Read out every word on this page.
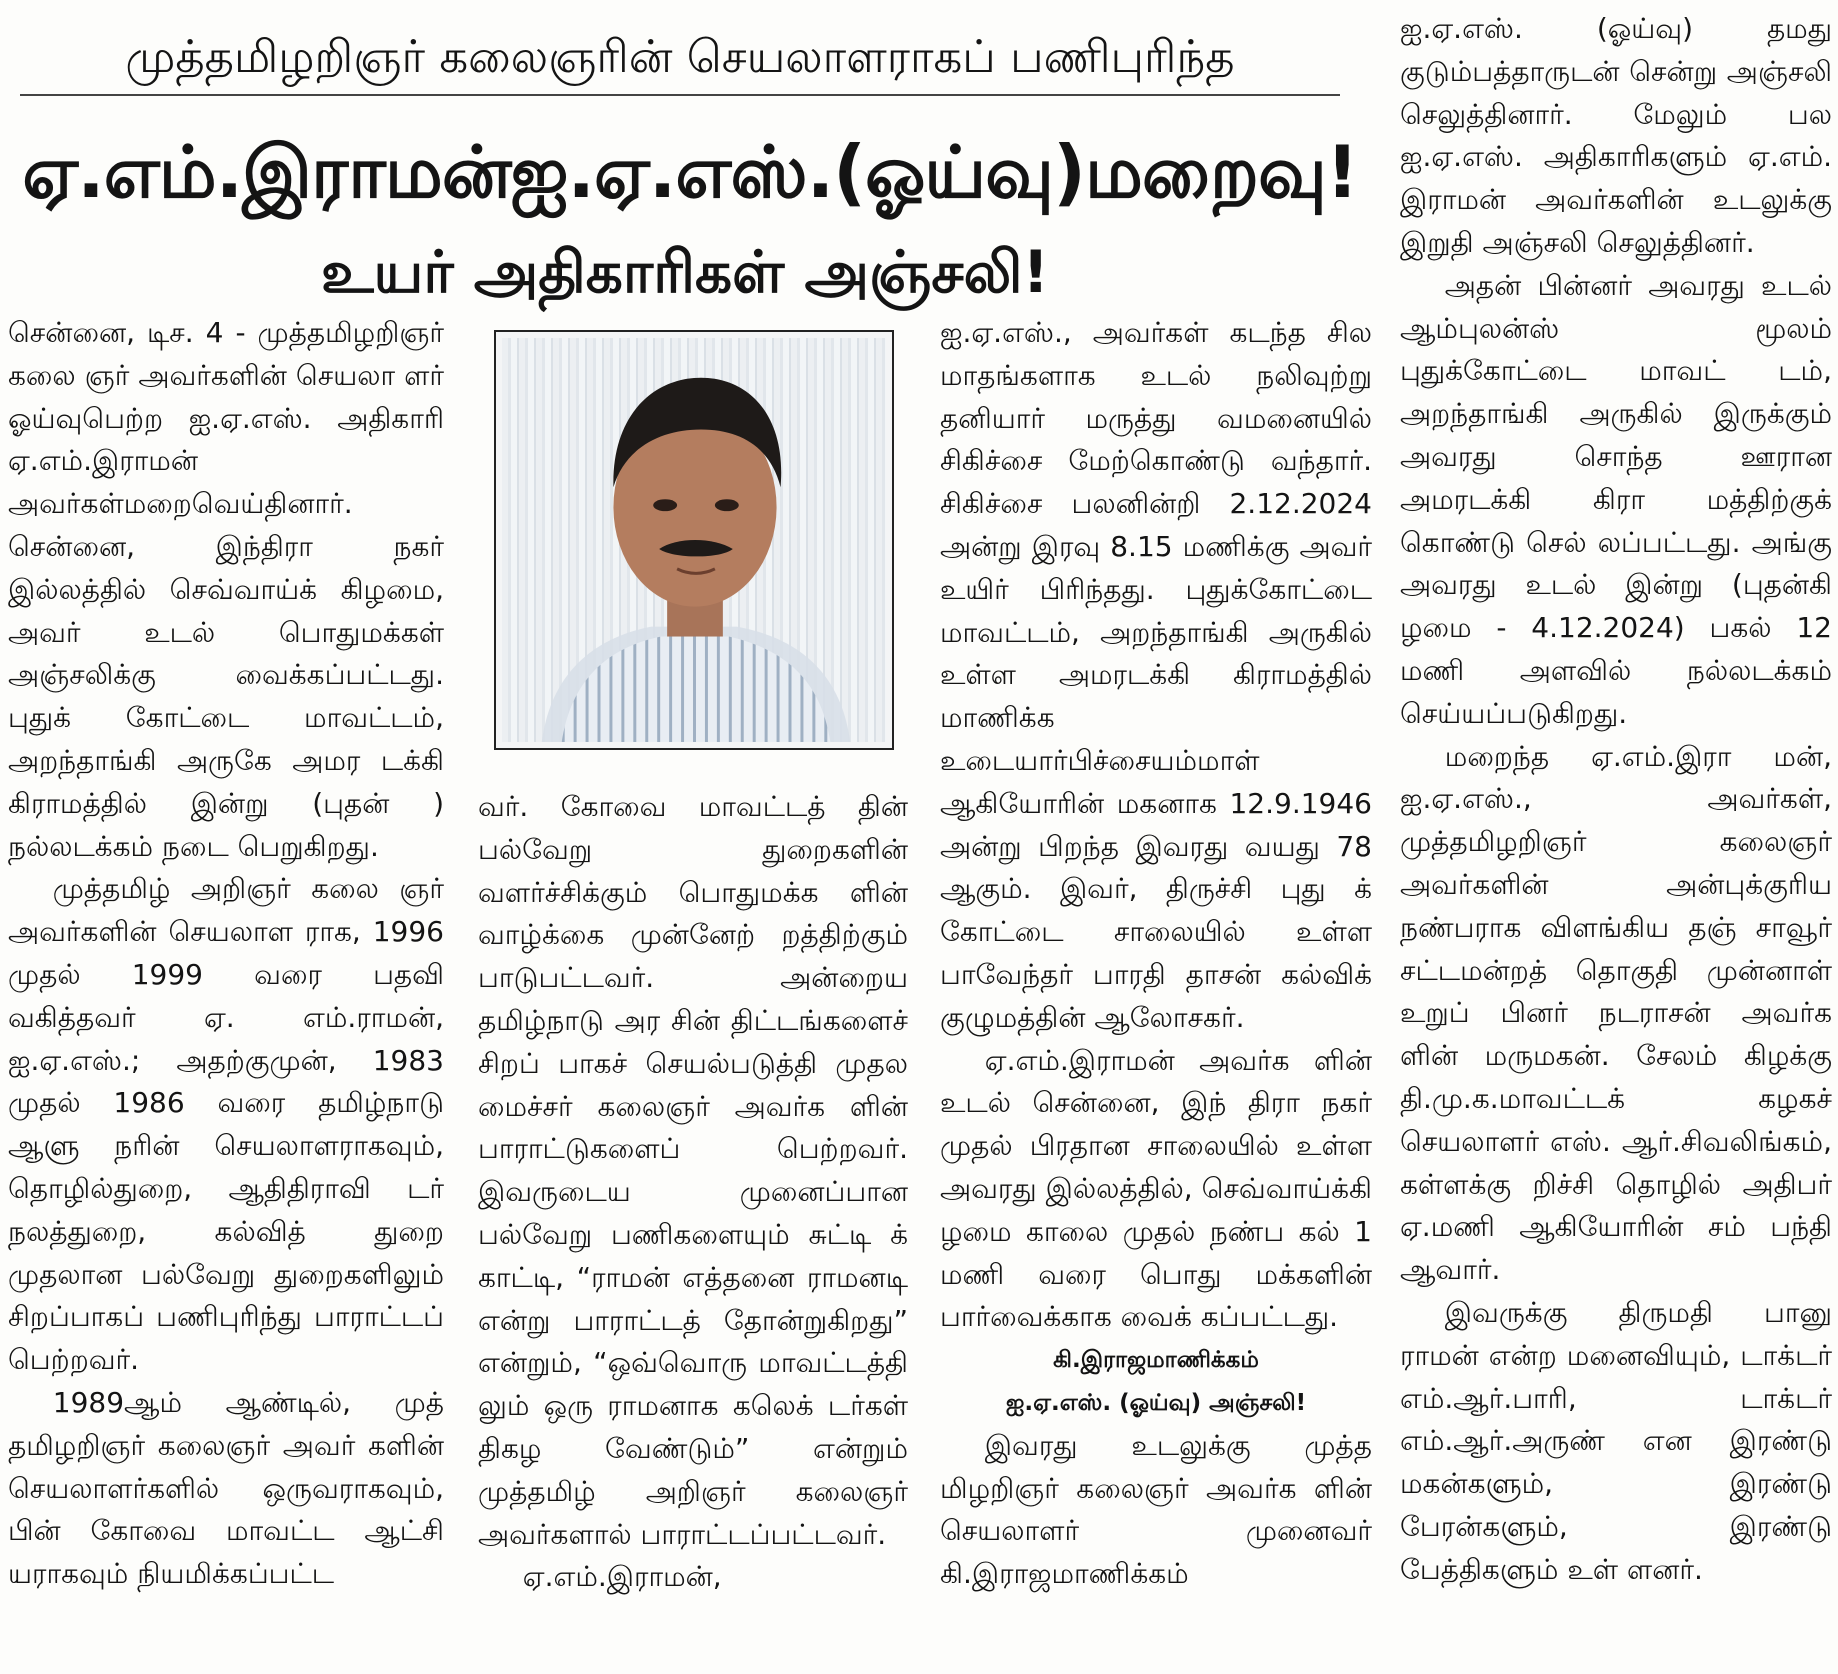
முத்தமிழறிஞர் கலைஞரின் செயலாளராகப் பணிபுரிந்த
ஏ.எம்.இராமன்ஐ.ஏ.எஸ்.(ஓய்வு)மறைவு!
உயர் அதிகாரிகள் அஞ்சலி!

சென்னை, டிச. 4 - முத்தமிழறிஞர் கலை ஞர் அவர்களின் செயலா ளர் ஓய்வுபெற்ற ஐ.ஏ.எஸ். அதிகாரி ஏ.எம்.இராமன் அவர்கள்மறைவெய்தினார். சென்னை, இந்திரா நகர் இல்லத்தில் செவ்வாய்க் கிழமை, அவர் உடல் பொதுமக்கள் அஞ்சலிக்கு வைக்கப்பட்டது. புதுக் கோட்டை மாவட்டம், அறந்தாங்கி அருகே அமர டக்கி கிராமத்தில் இன்று (புதன் ) நல்லடக்கம் நடை பெறுகிறது.

முத்தமிழ் அறிஞர் கலை ஞர் அவர்களின் செயலாள ராக, 1996 முதல் 1999 வரை பதவி வகித்தவர் ஏ. எம்.ராமன், ஐ.ஏ.எஸ்.; அதற்குமுன், 1983 முதல் 1986 வரை தமிழ்நாடு ஆளு நரின் செயலாளராகவும், தொழில்துறை, ஆதிதிராவி டர் நலத்துறை, கல்வித் துறை முதலான பல்வேறு துறைகளிலும் சிறப்பாகப் பணிபுரிந்து பாராட்டப் பெற்றவர்.

1989ஆம் ஆண்டில், முத் தமிழறிஞர் கலைஞர் அவர் களின் செயலாளர்களில் ஒருவராகவும், பின் கோவை மாவட்ட ஆட்சி யராகவும் நியமிக்கப்பட்ட

வர். கோவை மாவட்டத் தின் பல்வேறு துறைகளின் வளர்ச்சிக்கும் பொதுமக்க ளின் வாழ்க்கை முன்னேற் றத்திற்கும் பாடுபட்டவர். அன்றைய தமிழ்நாடு அர சின் திட்டங்களைச் சிறப் பாகச் செயல்படுத்தி முதல மைச்சர் கலைஞர் அவர்க ளின் பாராட்டுகளைப் பெற்றவர். இவருடைய முனைப்பான பல்வேறு பணிகளையும் சுட்டி க் காட்டி, “ராமன் எத்தனை ராமனடி என்று பாராட்டத் தோன்றுகிறது” என்றும், “ஒவ்வொரு மாவட்டத்தி லும் ஒரு ராமனாக கலெக் டர்கள் திகழ வேண்டும்” என்றும் முத்தமிழ் அறிஞர் கலைஞர் அவர்களால் பாராட்டப்பட்டவர்.

ஏ.எம்.இராமன்,

ஐ.ஏ.எஸ்., அவர்கள் கடந்த சில மாதங்களாக உடல் நலிவுற்று தனியார் மருத்து வமனையில் சிகிச்சை மேற்கொண்டு வந்தார். சிகிச்சை பலனின்றி 2.12.2024 அன்று இரவு 8.15 மணிக்கு அவர் உயிர் பிரிந்தது. புதுக்கோட்டை மாவட்டம், அறந்தாங்கி அருகில் உள்ள அமரடக்கி கிராமத்தில் மாணிக்க உடையார்பிச்சையம்மாள் ஆகியோரின் மகனாக 12.9.1946 அன்று பிறந்த இவரது வயது 78 ஆகும். இவர், திருச்சி புது க் கோட்டை சாலையில் உள்ள பாவேந்தர் பாரதி தாசன் கல்விக் குழுமத்தின் ஆலோசகர்.

ஏ.எம்.இராமன் அவர்க ளின் உடல் சென்னை, இந் திரா நகர் முதல் பிரதான சாலையில் உள்ள அவரது இல்லத்தில், செவ்வாய்க்கி ழமை காலை முதல் நண்ப கல் 1 மணி வரை பொது மக்களின் பார்வைக்காக வைக் கப்பட்டது.

கி.இராஜமாணிக்கம்

ஐ.ஏ.எஸ். (ஓய்வு) அஞ்சலி!

இவரது உடலுக்கு முத்த மிழறிஞர் கலைஞர் அவர்க ளின் செயலாளர் முனைவர் கி.இராஜமாணிக்கம்

ஐ.ஏ.எஸ். (ஓய்வு) தமது குடும்பத்தாருடன் சென்று அஞ்சலி செலுத்தினார். மேலும் பல ஐ.ஏ.எஸ். அதிகாரிகளும் ஏ.எம். இராமன் அவர்களின் உடலுக்கு இறுதி அஞ்சலி செலுத்தினர்.

அதன் பின்னர் அவரது உடல் ஆம்புலன்ஸ் மூலம் புதுக்கோட்டை மாவட் டம், அறந்தாங்கி அருகில் இருக்கும் அவரது சொந்த ஊரான அமரடக்கி கிரா மத்திற்குக் கொண்டு செல் லப்பட்டது. அங்கு அவரது உடல் இன்று (புதன்கி ழமை - 4.12.2024) பகல் 12 மணி அளவில் நல்லடக்கம் செய்யப்படுகிறது.

மறைந்த ஏ.எம்.இரா மன், ஐ.ஏ.எஸ்., அவர்கள், முத்தமிழறிஞர் கலைஞர் அவர்களின் அன்புக்குரிய நண்பராக விளங்கிய தஞ் சாவூர் சட்டமன்றத் தொகுதி முன்னாள் உறுப் பினர் நடராசன் அவர்க ளின் மருமகன். சேலம் கிழக்கு தி.மு.க.மாவட்டக் கழகச் செயலாளர் எஸ். ஆர்.சிவலிங்கம், கள்ளக்கு றிச்சி தொழில் அதிபர் ஏ.மணி ஆகியோரின் சம் பந்தி ஆவார்.

இவருக்கு திருமதி பானு ராமன் என்ற மனைவியும், டாக்டர் எம்.ஆர்.பாரி, டாக்டர் எம்.ஆர்.அருண் என இரண்டு மகன்களும், இரண்டு பேரன்களும், இரண்டு பேத்திகளும் உள் ளனர்.
